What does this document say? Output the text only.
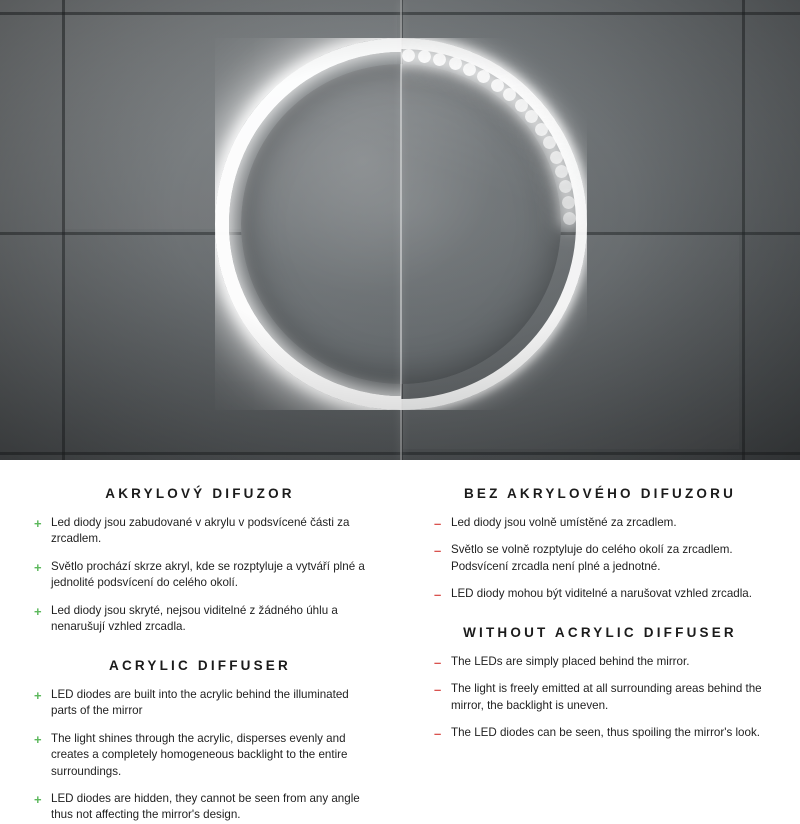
AKRYLOVÝ DIFUZOR
+ Led diody jsou zabudované v akrylu v podsvícené části za zrcadlem.
+ Světlo prochází skrze akryl, kde se rozptyluje a vytváří plné a jednolité podsvícení do celého okolí.
+ Led diody jsou skryté, nejsou viditelné z žádného úhlu a nenarušují vzhled zrcadla.
ACRYLIC DIFFUSER
+ LED diodes are built into the acrylic behind the illuminated parts of the mirror
+ The light shines through the acrylic, disperses evenly and creates a completely homogeneous backlight to the entire surroundings.
+ LED diodes are hidden, they cannot be seen from any angle thus not affecting the mirror's design.
BEZ AKRYLOVÉHO DIFUZORU
– Led diody jsou volně umístěné za zrcadlem.
– Světlo se volně rozptyluje do celého okolí za zrcadlem. Podsvícení zrcadla není plné a jednotné.
– LED diody mohou být viditelné a narušovat vzhled zrcadla.
WITHOUT ACRYLIC DIFFUSER
– The LEDs are simply placed behind the mirror.
– The light is freely emitted at all surrounding areas behind the mirror, the backlight is uneven.
– The LED diodes can be seen, thus spoiling the mirror's look.
